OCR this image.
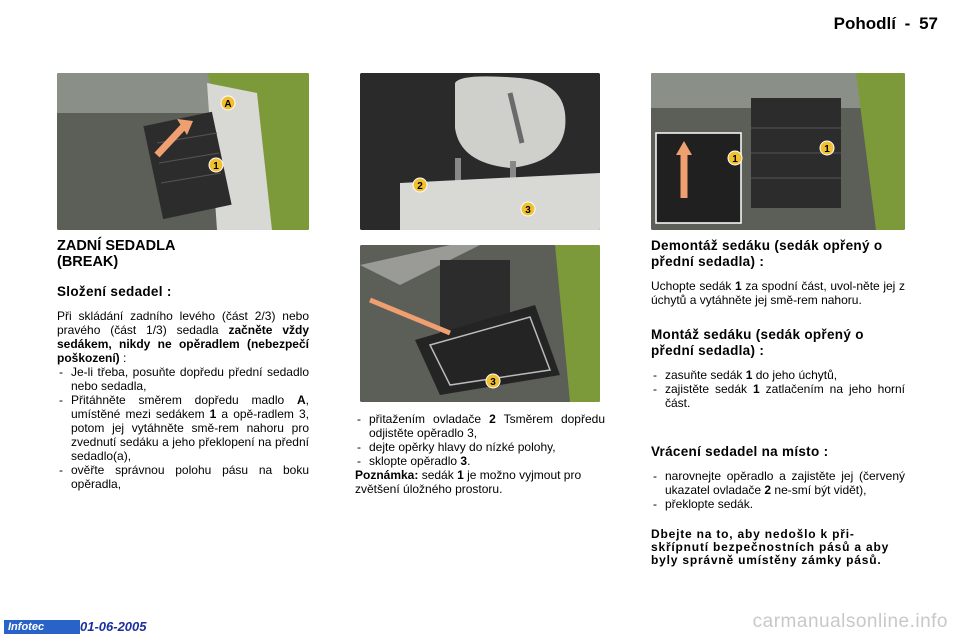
Pohodlí - 57
A
1
2
3
3
1
1
ZADNÍ SEDADLA
(BREAK)
Složení sedadel :

Při skládání zadního levého (část 2/3) nebo pravého (část 1/3) sedadla začněte vždy sedákem, nikdy ne opěradlem (nebezpečí poškození) :

- Je-li třeba, posuňte dopředu přední sedadlo nebo sedadla,
- Přitáhněte směrem dopředu madlo A, umístěné mezi sedákem 1 a opě-radlem 3, potom jej vytáhněte smě-rem nahoru pro zvednutí sedáku a jeho překlopení na přední sedadlo(a),
- ověřte správnou polohu pásu na boku opěradla,
- přitažením ovladače 2 Tsměrem dopředu odjistěte opěradlo 3,
- dejte opěrky hlavy do nízké polohy,
- sklopte opěradlo 3.

Poznámka: sedák 1 je možno vyjmout pro zvětšení úložného prostoru.

Demontáž sedáku (sedák opřený o přední sedadla) :

Uchopte sedák 1 za spodní část, uvol-něte jej z úchytů a vytáhněte jej smě-rem nahoru.

Montáž sedáku (sedák opřený o přední sedadla) :
- zasuňte sedák 1 do jeho úchytů,
- zajistěte sedák 1 zatlačením na jeho horní část.
Vrácení sedadel na místo :
- narovnejte opěradlo a zajistěte jej (červený ukazatel ovladače 2 ne-smí být vidět),
- překlopte sedák.

Dbejte na to, aby nedošlo k při-skřípnutí bezpečnostních pásů a aby byly správně umístěny zámky pásů.

Infotec	01-06-2005	carmanualsonline.info
